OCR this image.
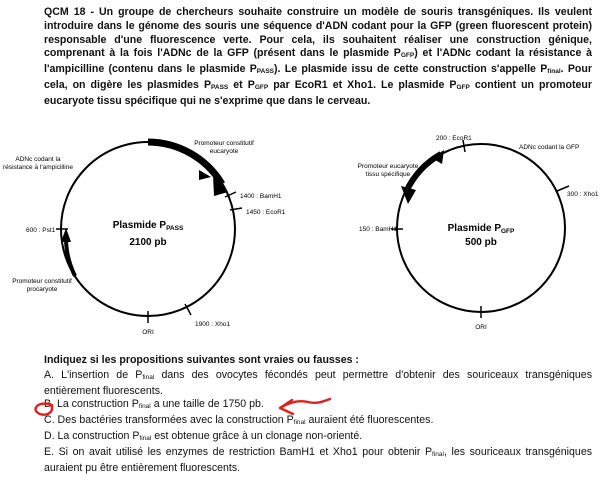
QCM 18 - Un groupe de chercheurs souhaite construire un modèle de souris transgéniques. Ils veulent introduire dans le génome des souris une séquence d'ADN codant pour la GFP (green fluorescent protein) responsable d'une fluorescence verte. Pour cela, ils souhaitent réaliser une construction génique, comprenant à la fois l'ADNc de la GFP (présent dans le plasmide PGFP) et l'ADNc codant la résistance à l'ampicilline (contenu dans le plasmide PPASS). Le plasmide issu de cette construction s'appelle Pfinal. Pour cela, on digère les plasmides PPASS et PGFP par EcoR1 et Xho1. Le plasmide PGFP contient un promoteur eucaryote tissu spécifique qui ne s'exprime que dans le cerveau.
Plasmide $P_{PASS}$
2100 pb
ADNc codant la résistance à l'ampicilline
Promoteur constitutif eucaryote
Promoteur constitutif procaryote
1400 : BamH1
1450 : EcoR1
600 : Pst1
1900 : Xho1
ORI
Plasmide $P_{GFP}$
500 pb
200 : EcoR1
ADNc codant la GFP
Promoteur eucaryote tissu spécifique
300 : Xho1
150 : BamH1
ORI
Indiquez si les propositions suivantes sont vraies ou fausses :
A. L'insertion de Pfinal dans des ovocytes fécondés peut permettre d'obtenir des souriceaux transgéniques entièrement fluorescents.
B. La construction Pfinal a une taille de 1750 pb.
C. Des bactéries transformées avec la construction Pfinal auraient été fluorescentes.
D. La construction Pfinal est obtenue grâce à un clonage non-orienté.
E. Si on avait utilisé les enzymes de restriction BamH1 et Xho1 pour obtenir Pfinal, les souriceaux transgéniques auraient pu être entièrement fluorescents.
